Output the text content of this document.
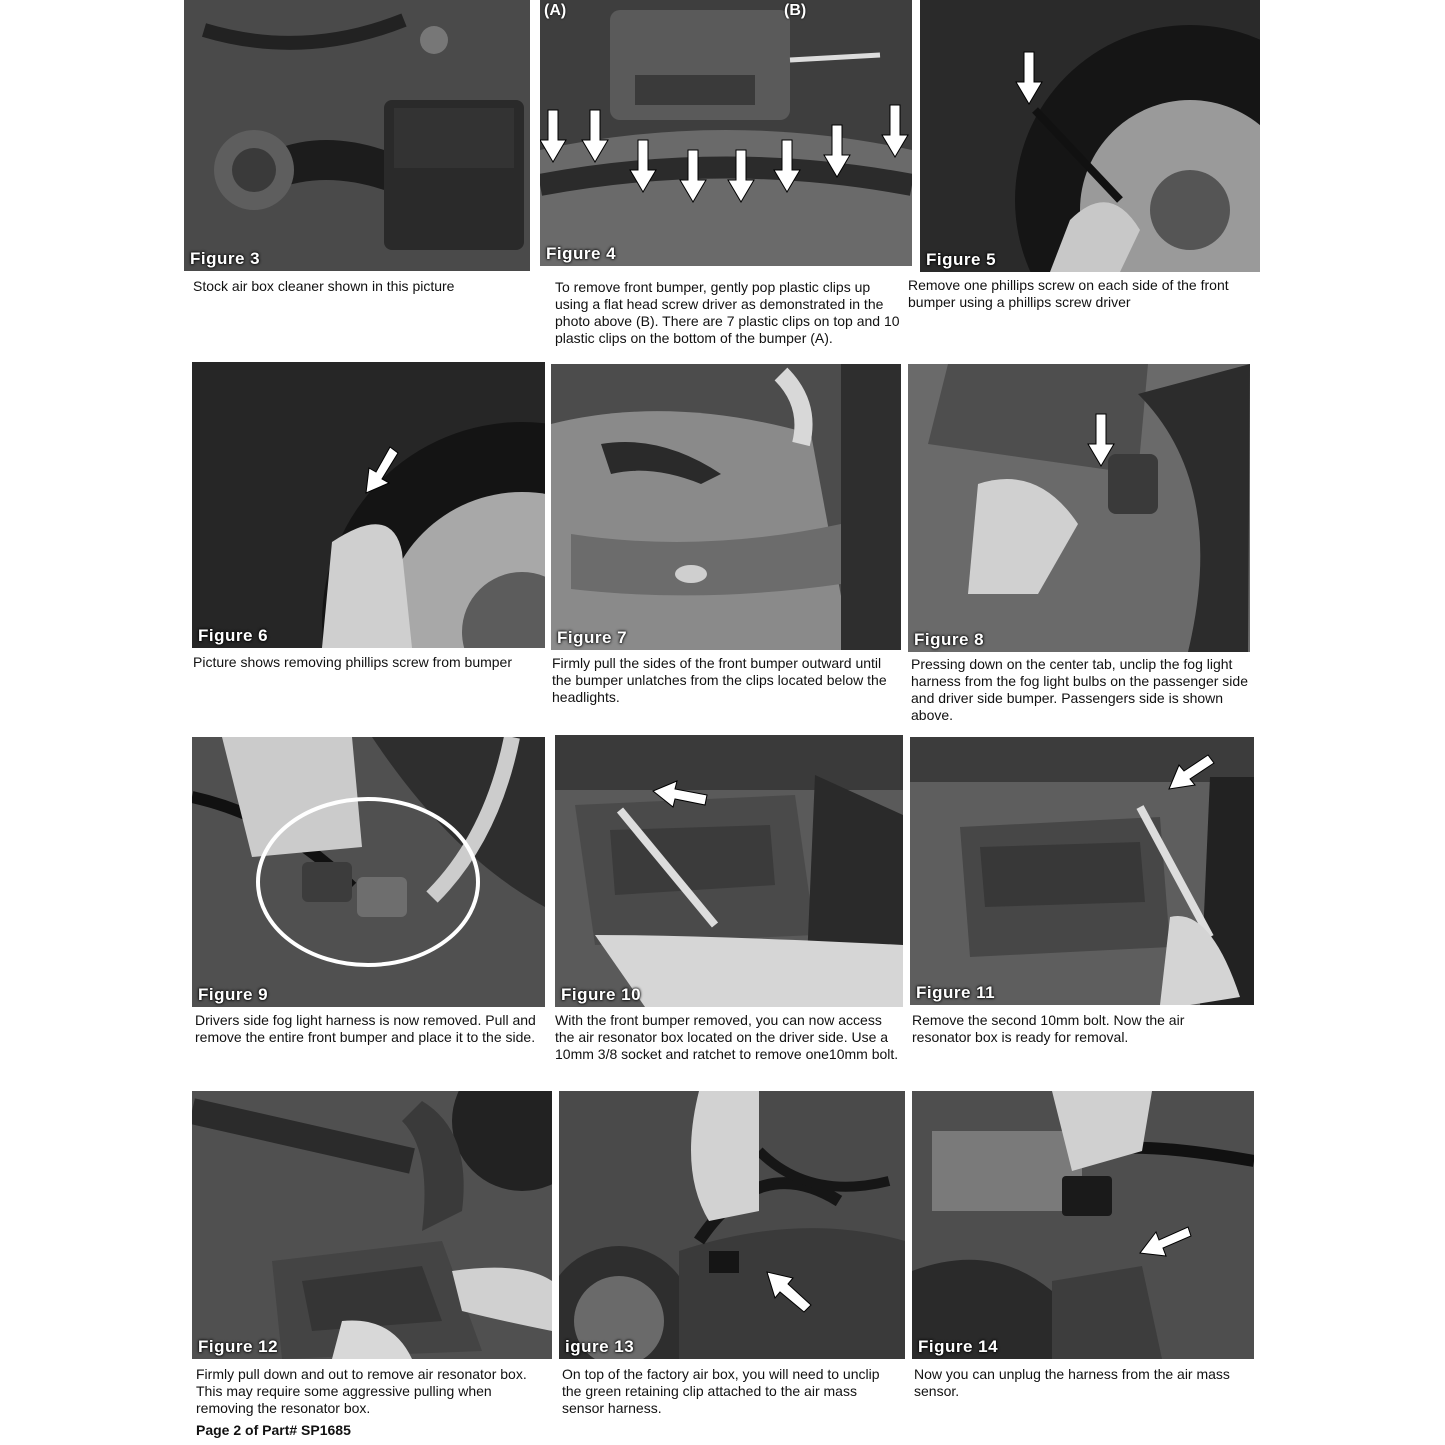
Figure 3
(A)	(B)
Figure 4	Figure 5
Stock air box cleaner shown in this picture	To remove front bumper, gently pop plastic clips up using a flat head screw driver as demonstrated in the photo above (B). There are 7 plastic clips on top and 10 plastic clips on the bottom of the bumper (A).
Remove one phillips screw on each side of the front bumper using a phillips screw driver
Figure 6	Figure 7	Figure 8
Picture shows removing phillips screw from bumper	Firmly pull the sides of the front bumper outward until the bumper unlatches from the clips located below the headlights.
Pressing down on the center tab, unclip the fog light harness from the fog light bulbs on the passenger side and driver side bumper. Passengers side is shown above.
Figure 9	Figure 10	Figure 11
Drivers side fog light harness is now removed. Pull and remove the entire front bumper and place it to the side.
With the front bumper removed, you can now access the air resonator box located on the driver side. Use a 10mm 3/8 socket and ratchet to remove one10mm bolt.
Remove the second 10mm bolt. Now the air resonator box is ready for removal.
Figure 12	igure 13	Figure 14
Firmly pull down and out to remove air resonator box. This may require some aggressive pulling when removing the resonator box.
On top of the factory air box, you will need to unclip the green retaining clip attached to the air mass sensor harness.
Now you can unplug the harness from the air mass sensor.
Page 2 of Part# SP1685
